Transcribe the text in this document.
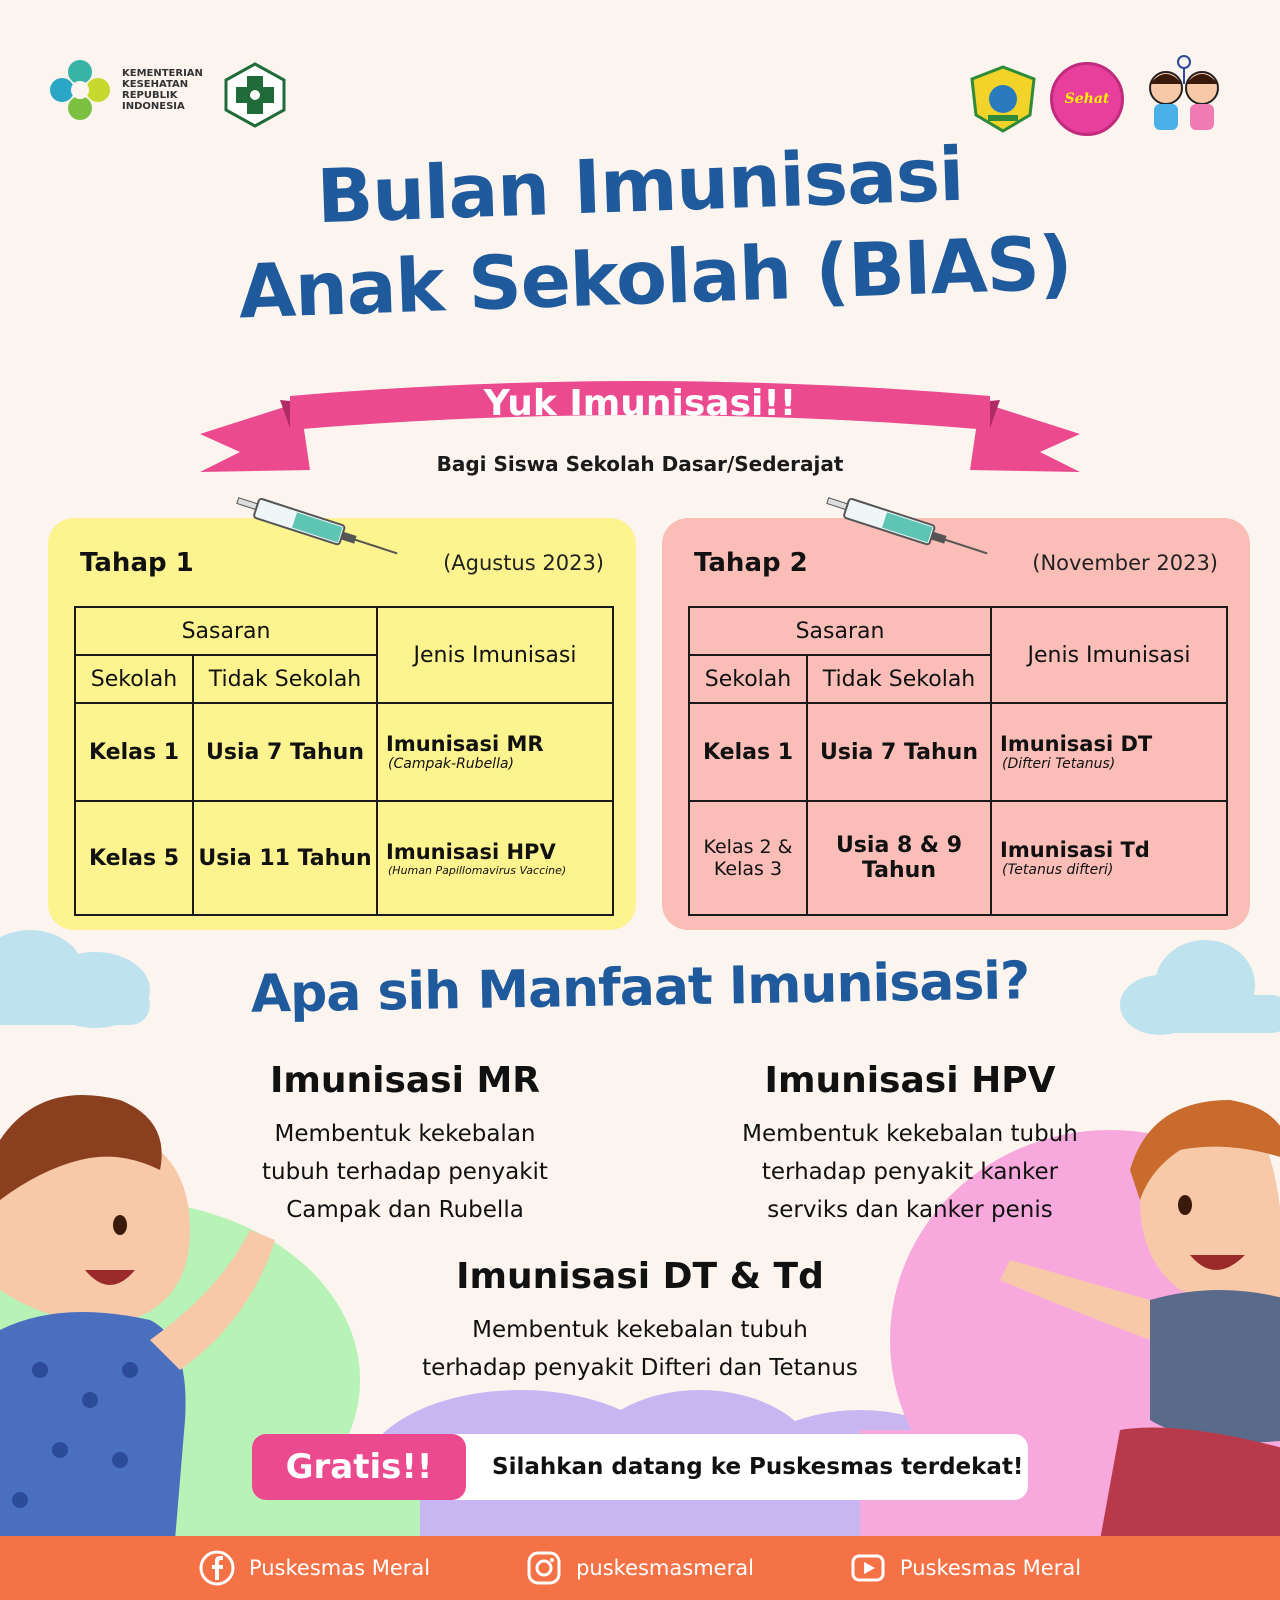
KEMENTERIAN
KESEHATAN
REPUBLIK
INDONESIA	Sehat
Bulan Imunisasi
Anak Sekolah (BIAS)
Yuk Imunisasi!!
Bagi Siswa Sekolah Dasar/Sederajat
Tahap 1	(Agustus 2023)
Sasaran		Jenis Imunisasi
Sekolah	Tidak Sekolah	
Kelas 1	Usia 7 Tahun	Imunisasi MR
(Campak-Rubella)

Kelas 5	Usia 11 Tahun	Imunisasi HPV
(Human Papillomavirus Vaccine)
Tahap 2	(November 2023)
Sasaran		Jenis Imunisasi
Sekolah	Tidak Sekolah	
Kelas 1	Usia 7 Tahun	Imunisasi DT
(Difteri Tetanus)

Kelas 2 & Kelas 3	Usia 8 & 9 Tahun	Imunisasi Td
(Tetanus difteri)
Apa sih Manfaat Imunisasi?
Imunisasi MR
Membentuk kekebalan
tubuh terhadap penyakit
Campak dan Rubella
Imunisasi HPV
Membentuk kekebalan tubuh
terhadap penyakit kanker
serviks dan kanker penis
Imunisasi DT & Td
Membentuk kekebalan tubuh
terhadap penyakit Difteri dan Tetanus
Gratis!!	Silahkan datang ke Puskesmas terdekat!
Puskesmas Meral	puskesmasmeral	Puskesmas Meral
